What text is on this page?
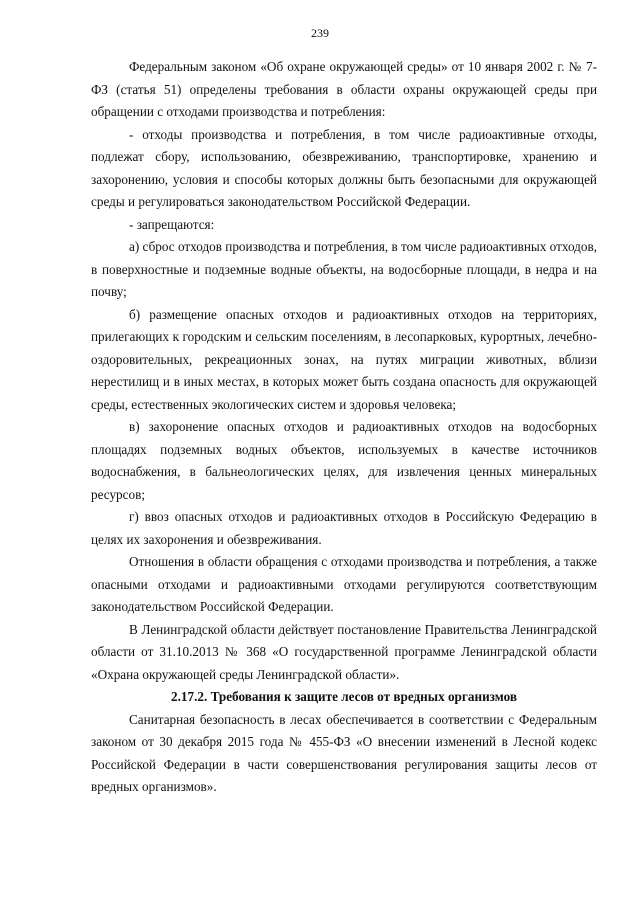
239

Федеральным законом «Об охране окружающей среды» от 10 января 2002 г. № 7-ФЗ (статья 51) определены требования в области охраны окружающей среды при обращении с отходами производства и потребления:

- отходы производства и потребления, в том числе радиоактивные отходы, подлежат сбору, использованию, обезвреживанию, транспортировке, хранению и захоронению, условия и способы которых должны быть безопасными для окружающей среды и регулироваться законодательством Российской Федерации.

- запрещаются:

а) сброс отходов производства и потребления, в том числе радиоактивных отходов, в поверхностные и подземные водные объекты, на водосборные площади, в недра и на почву;

б) размещение опасных отходов и радиоактивных отходов на территориях, прилегающих к городским и сельским поселениям, в лесопарковых, курортных, лечебно-оздоровительных, рекреационных зонах, на путях миграции животных, вблизи нерестилищ и в иных местах, в которых может быть создана опасность для окружающей среды, естественных экологических систем и здоровья человека;

в) захоронение опасных отходов и радиоактивных отходов на водосборных площадях подземных водных объектов, используемых в качестве источников водоснабжения, в бальнеологических целях, для извлечения ценных минеральных ресурсов;

г) ввоз опасных отходов и радиоактивных отходов в Российскую Федерацию в целях их захоронения и обезвреживания.

Отношения в области обращения с отходами производства и потребления, а также опасными отходами и радиоактивными отходами регулируются соответствующим законодательством Российской Федерации.

В Ленинградской области действует постановление Правительства Ленинградской области от 31.10.2013 № 368 «О государственной программе Ленинградской области «Охрана окружающей среды Ленинградской области».

2.17.2. Требования к защите лесов от вредных организмов

Санитарная безопасность в лесах обеспечивается в соответствии с Федеральным законом от 30 декабря 2015 года № 455-ФЗ «О внесении изменений в Лесной кодекс Российской Федерации в части совершенствования регулирования защиты лесов от вредных организмов».
